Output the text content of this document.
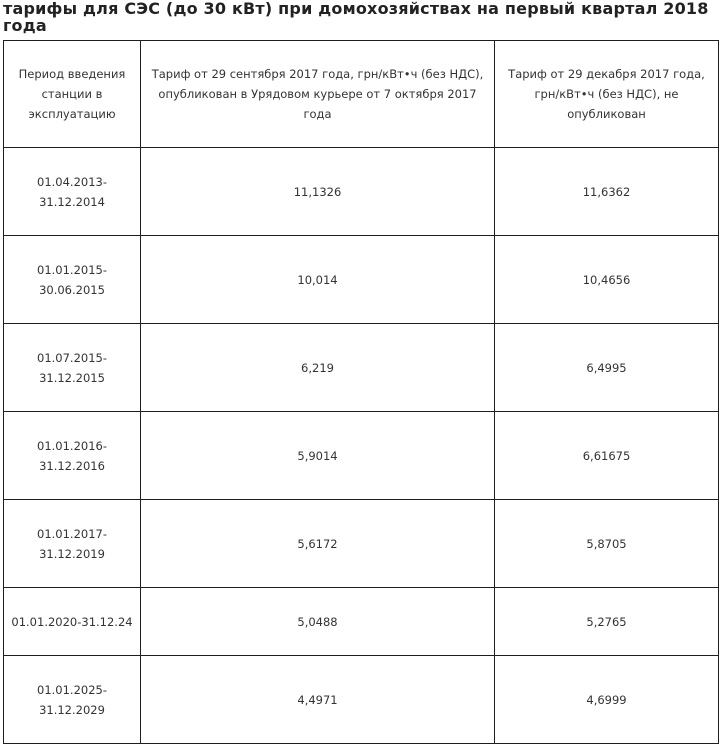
тарифы для СЭС (до 30 кВт) при домохозяйствах на первый квартал 2018 года
Период введения станции в эксплуатацию	Тариф от 29 сентября 2017 года, грн/кВт•ч (без НДС), опубликован в Урядовом курьере от 7 октября 2017 года	Тариф от 29 декабря 2017 года, грн/кВт•ч (без НДС), не опубликован

01.04.2013-
31.12.2014	11,1326	11,6362

01.01.2015-
30.06.2015	10,014	10,4656

01.07.2015-
31.12.2015	6,219	6,4995

01.01.2016-
31.12.2016	5,9014	6,61675

01.01.2017-
31.12.2019	5,6172	5,8705

01.01.2020-31.12.24	5,0488	5,2765

01.01.2025-
31.12.2029	4,4971	4,6999
